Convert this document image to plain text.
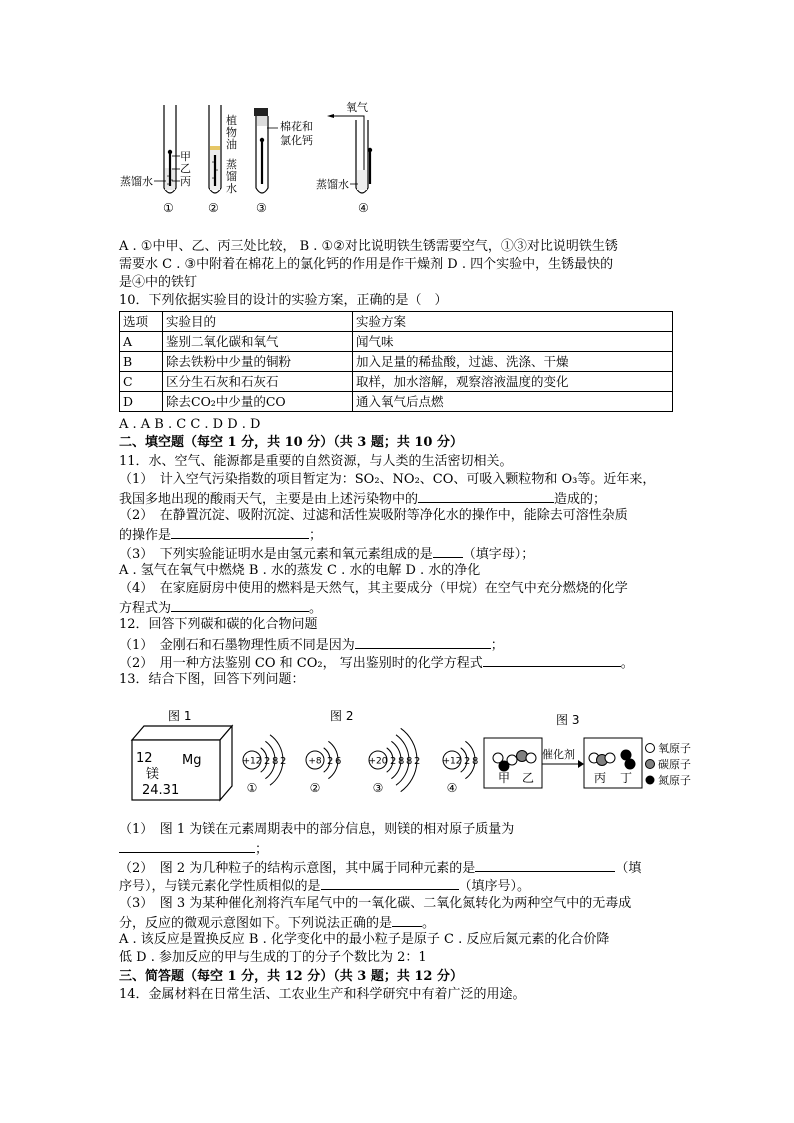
蒸馏水
甲
乙
丙
①
植
物
油
蒸
馏
水
②
棉花和
氯化钙
③
氧气
蒸馏水
④
A . ①中甲、乙、丙三处比较， B . ①②对比说明铁生锈需要空气，①③对比说明铁生锈
需要水 C . ③中附着在棉花上的氯化钙的作用是作干燥剂 D . 四个实验中，生锈最快的
是④中的铁钉
10．下列依据实验目的设计的实验方案，正确的是（　）
选项	实验目的	实验方案
A	鉴别二氧化碳和氧气	闻气味
B	除去铁粉中少量的铜粉	加入足量的稀盐酸，过滤、洗涤、干燥
C	区分生石灰和石灰石	取样，加水溶解，观察溶液温度的变化
D	除去CO₂中少量的CO	通入氧气后点燃
A . A B . C C . D D . D
二、填空题（每空 1 分，共 10 分）（共 3 题；共 10 分）
11．水、空气、能源都是重要的自然资源，与人类的生活密切相关。
（1）　计入空气污染指数的项目暂定为：SO₂、NO₂、CO、可吸入颗粒物和 O₃等。近年来，
我国多地出现的酸雨天气，主要是由上述污染物中的	造成的；
（2）　在静置沉淀、吸附沉淀、过滤和活性炭吸附等净化水的操作中，能除去可溶性杂质
的操作是	；
（3）　下列实验能证明水是由氢元素和氧元素组成的是 （填字母）；
A . 氢气在氧气中燃烧 B . 水的蒸发 C . 水的电解 D . 水的净化
（4）　在家庭厨房中使用的燃料是天然气，其主要成分（甲烷）在空气中充分燃烧的化学
方程式为	。
12．回答下列碳和碳的化合物问题
（1）　金刚石和石墨物理性质不同是因为	；
（2）　用一种方法鉴别 CO 和 CO₂， 写出鉴别时的化学方程式	。
13．结合下图，回答下列问题：
图 1
12 Mg
镁
24.31
图 2
+12 2 8 2
①
+8 2 6
②
+20 2 8 8 2
③
+12 2 8
④
图 3
甲 乙
催化剂
丙 丁
氧原子
碳原子
氮原子
（1）　图 1 为镁在元素周期表中的部分信息，则镁的相对原子质量为
；
（2）　图 2 为几种粒子的结构示意图，其中属于同种元素的是	（填
序号），与镁元素化学性质相似的是	（填序号）。
（3）　图 3 为某种催化剂将汽车尾气中的一氧化碳、二氧化氮转化为两种空气中的无毒成
分，反应的微观示意图如下。下列说法正确的是 。
A . 该反应是置换反应 B . 化学变化中的最小粒子是原子 C . 反应后氮元素的化合价降
低 D . 参加反应的甲与生成的丁的分子个数比为 2：1
三、简答题（每空 1 分，共 12 分）（共 3 题；共 12 分）
14．金属材料在日常生活、工农业生产和科学研究中有着广泛的用途。
